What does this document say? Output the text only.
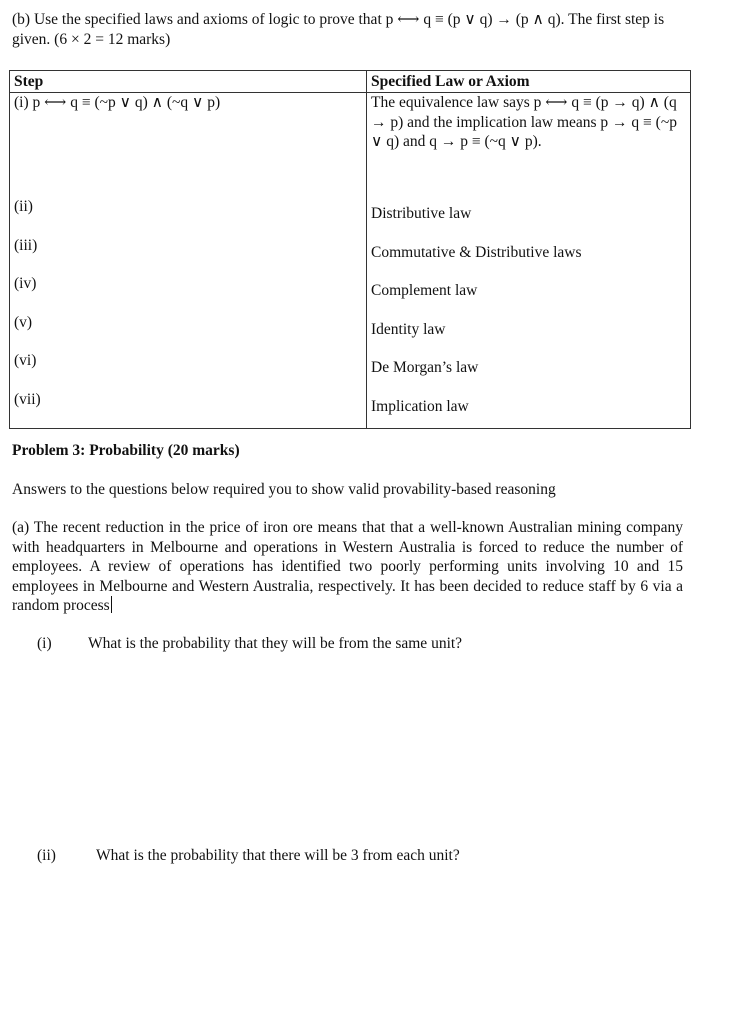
(b) Use the specified laws and axioms of logic to prove that p ⟷ q ≡ (p ∨ q) → (p ∧ q). The first step is given. (6 × 2 = 12 marks)

Step	Specified Law or Axiom
(i) p ⟷ q ≡ (~p ∨ q) ∧ (~q ∨ p)	The equivalence law says p ⟷ q ≡ (p → q) ∧ (q → p) and the implication law means p → q ≡ (~p ∨ q) and q → p ≡ (~q ∨ p).

(ii)	Distributive law

(iii)	Commutative & Distributive laws

(iv)	Complement law

(v)	Identity law

(vi)	De Morgan’s law

(vii)	Implication law

Problem 3: Probability (20 marks)

Answers to the questions below required you to show valid provability-based reasoning

(a) The recent reduction in the price of iron ore means that that a well-known Australian mining company with headquarters in Melbourne and operations in Western Australia is forced to reduce the number of employees. A review of operations has identified two poorly performing units involving 10 and 15 employees in Melbourne and Western Australia, respectively. It has been decided to reduce staff by 6 via a random process

(i) What is the probability that they will be from the same unit?
(ii)	What is the probability that there will be 3 from each unit?
